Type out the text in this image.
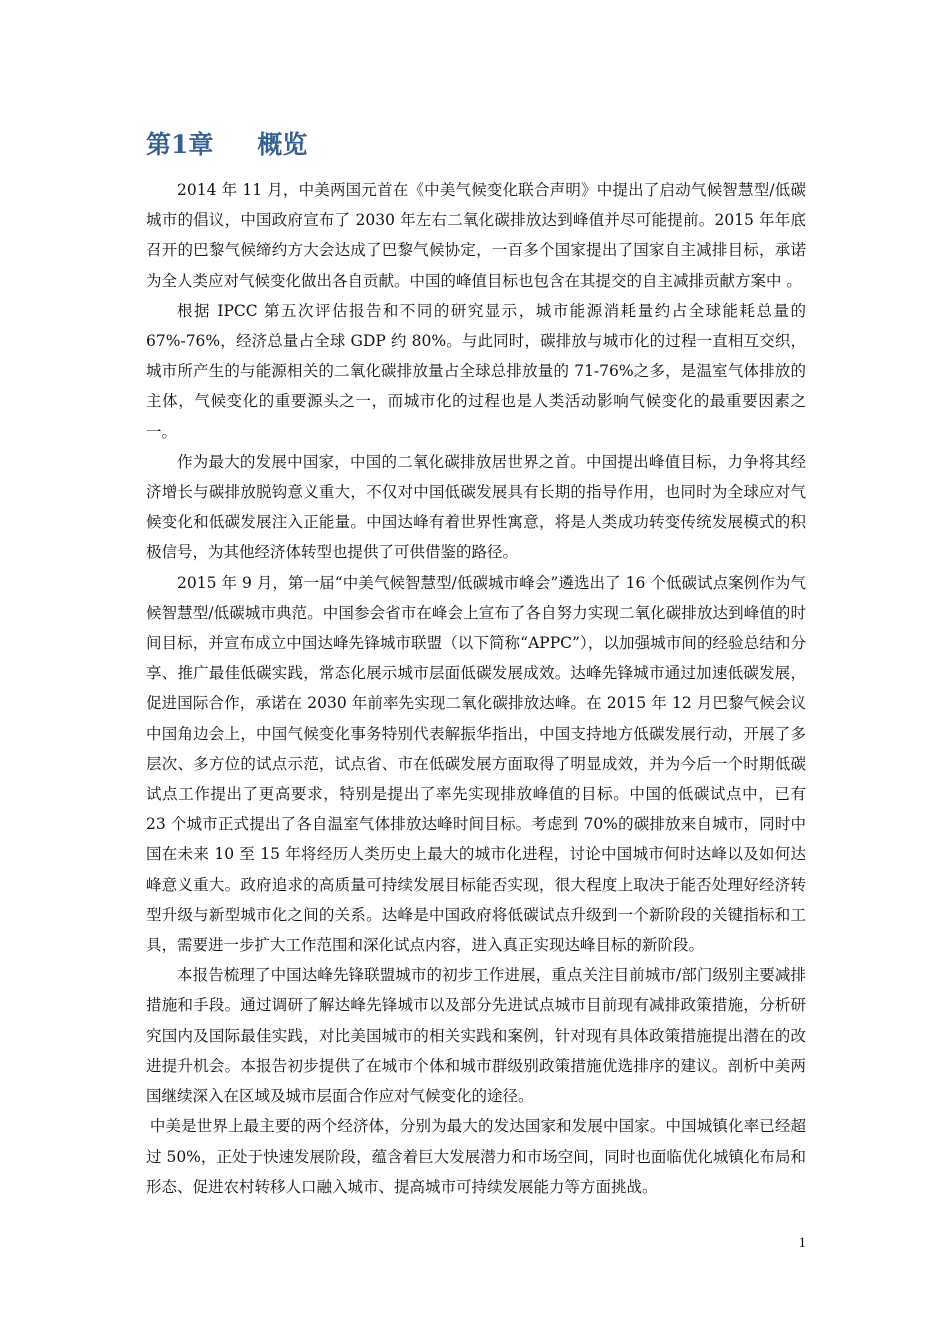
第1章 概览

2014 年 11 月，中美两国元首在《中美气候变化联合声明》中提出了启动气候智慧型/低碳城市的倡议，中国政府宣布了 2030 年左右二氧化碳排放达到峰值并尽可能提前。2015 年年底召开的巴黎气候缔约方大会达成了巴黎气候协定，一百多个国家提出了国家自主减排目标，承诺为全人类应对气候变化做出各自贡献。中国的峰值目标也包含在其提交的自主减排贡献方案中 。

根据 IPCC 第五次评估报告和不同的研究显示，城市能源消耗量约占全球能耗总量的 67%-76%，经济总量占全球 GDP 约 80%。与此同时，碳排放与城市化的过程一直相互交织，城市所产生的与能源相关的二氧化碳排放量占全球总排放量的 71-76%之多，是温室气体排放的主体，气候变化的重要源头之一，而城市化的过程也是人类活动影响气候变化的最重要因素之一。

作为最大的发展中国家，中国的二氧化碳排放居世界之首。中国提出峰值目标，力争将其经济增长与碳排放脱钩意义重大，不仅对中国低碳发展具有长期的指导作用，也同时为全球应对气候变化和低碳发展注入正能量。中国达峰有着世界性寓意，将是人类成功转变传统发展模式的积极信号，为其他经济体转型也提供了可供借鉴的路径。

2015 年 9 月，第一届“中美气候智慧型/低碳城市峰会”遴选出了 16 个低碳试点案例作为气候智慧型/低碳城市典范。中国参会省市在峰会上宣布了各自努力实现二氧化碳排放达到峰值的时间目标，并宣布成立中国达峰先锋城市联盟（以下简称“APPC”），以加强城市间的经验总结和分享、推广最佳低碳实践，常态化展示城市层面低碳发展成效。达峰先锋城市通过加速低碳发展，促进国际合作，承诺在 2030 年前率先实现二氧化碳排放达峰。在 2015 年 12 月巴黎气候会议中国角边会上，中国气候变化事务特别代表解振华指出，中国支持地方低碳发展行动，开展了多层次、多方位的试点示范，试点省、市在低碳发展方面取得了明显成效，并为今后一个时期低碳试点工作提出了更高要求，特别是提出了率先实现排放峰值的目标。中国的低碳试点中，已有 23 个城市正式提出了各自温室气体排放达峰时间目标。考虑到 70%的碳排放来自城市，同时中国在未来 10 至 15 年将经历人类历史上最大的城市化进程，讨论中国城市何时达峰以及如何达峰意义重大。政府追求的高质量可持续发展目标能否实现，很大程度上取决于能否处理好经济转型升级与新型城市化之间的关系。达峰是中国政府将低碳试点升级到一个新阶段的关键指标和工具，需要进一步扩大工作范围和深化试点内容，进入真正实现达峰目标的新阶段。

本报告梳理了中国达峰先锋联盟城市的初步工作进展，重点关注目前城市/部门级别主要减排措施和手段。通过调研了解达峰先锋城市以及部分先进试点城市目前现有减排政策措施，分析研究国内及国际最佳实践，对比美国城市的相关实践和案例，针对现有具体政策措施提出潜在的改进提升机会。本报告初步提供了在城市个体和城市群级别政策措施优选排序的建议。剖析中美两国继续深入在区域及城市层面合作应对气候变化的途径。

中美是世界上最主要的两个经济体，分别为最大的发达国家和发展中国家。中国城镇化率已经超过 50%，正处于快速发展阶段，蕴含着巨大发展潜力和市场空间，同时也面临优化城镇化布局和形态、促进农村转移人口融入城市、提高城市可持续发展能力等方面挑战。

1
